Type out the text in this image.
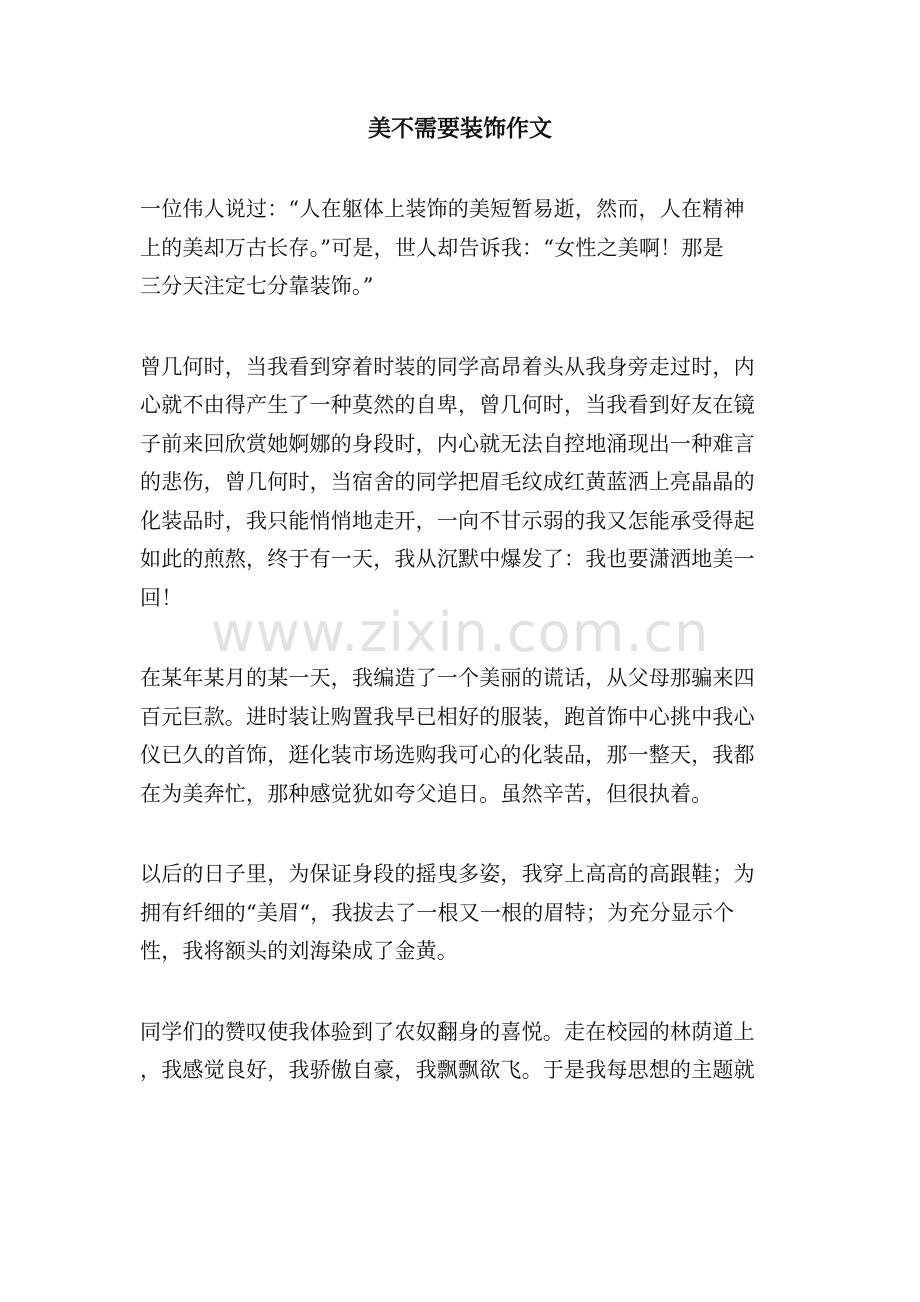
美不需要装饰作文

一位伟人说过：“人在躯体上装饰的美短暂易逝，然而，人在精神
上的美却万古长存。”可是，世人却告诉我：“女性之美啊！那是
三分天注定七分靠装饰。”

曾几何时，当我看到穿着时装的同学高昂着头从我身旁走过时，内
心就不由得产生了一种莫然的自卑，曾几何时，当我看到好友在镜
子前来回欣赏她婀娜的身段时，内心就无法自控地涌现出一种难言
的悲伤，曾几何时，当宿舍的同学把眉毛纹成红黄蓝洒上亮晶晶的
化装品时，我只能悄悄地走开，一向不甘示弱的我又怎能承受得起
如此的煎熬，终于有一天，我从沉默中爆发了：我也要潇洒地美一
回！

在某年某月的某一天，我编造了一个美丽的谎话，从父母那骗来四
百元巨款。进时装让购置我早已相好的服装，跑首饰中心挑中我心
仪已久的首饰，逛化装市场选购我可心的化装品，那一整天，我都
在为美奔忙，那种感觉犹如夸父追日。虽然辛苦，但很执着。

以后的日子里，为保证身段的摇曳多姿，我穿上高高的高跟鞋；为
拥有纤细的“美眉“，我拔去了一根又一根的眉特；为充分显示个
性，我将额头的刘海染成了金黄。

同学们的赞叹使我体验到了农奴翻身的喜悦。走在校园的林荫道上
，我感觉良好，我骄傲自豪，我飘飘欲飞。于是我每思想的主题就

www.zixin.com.cn
